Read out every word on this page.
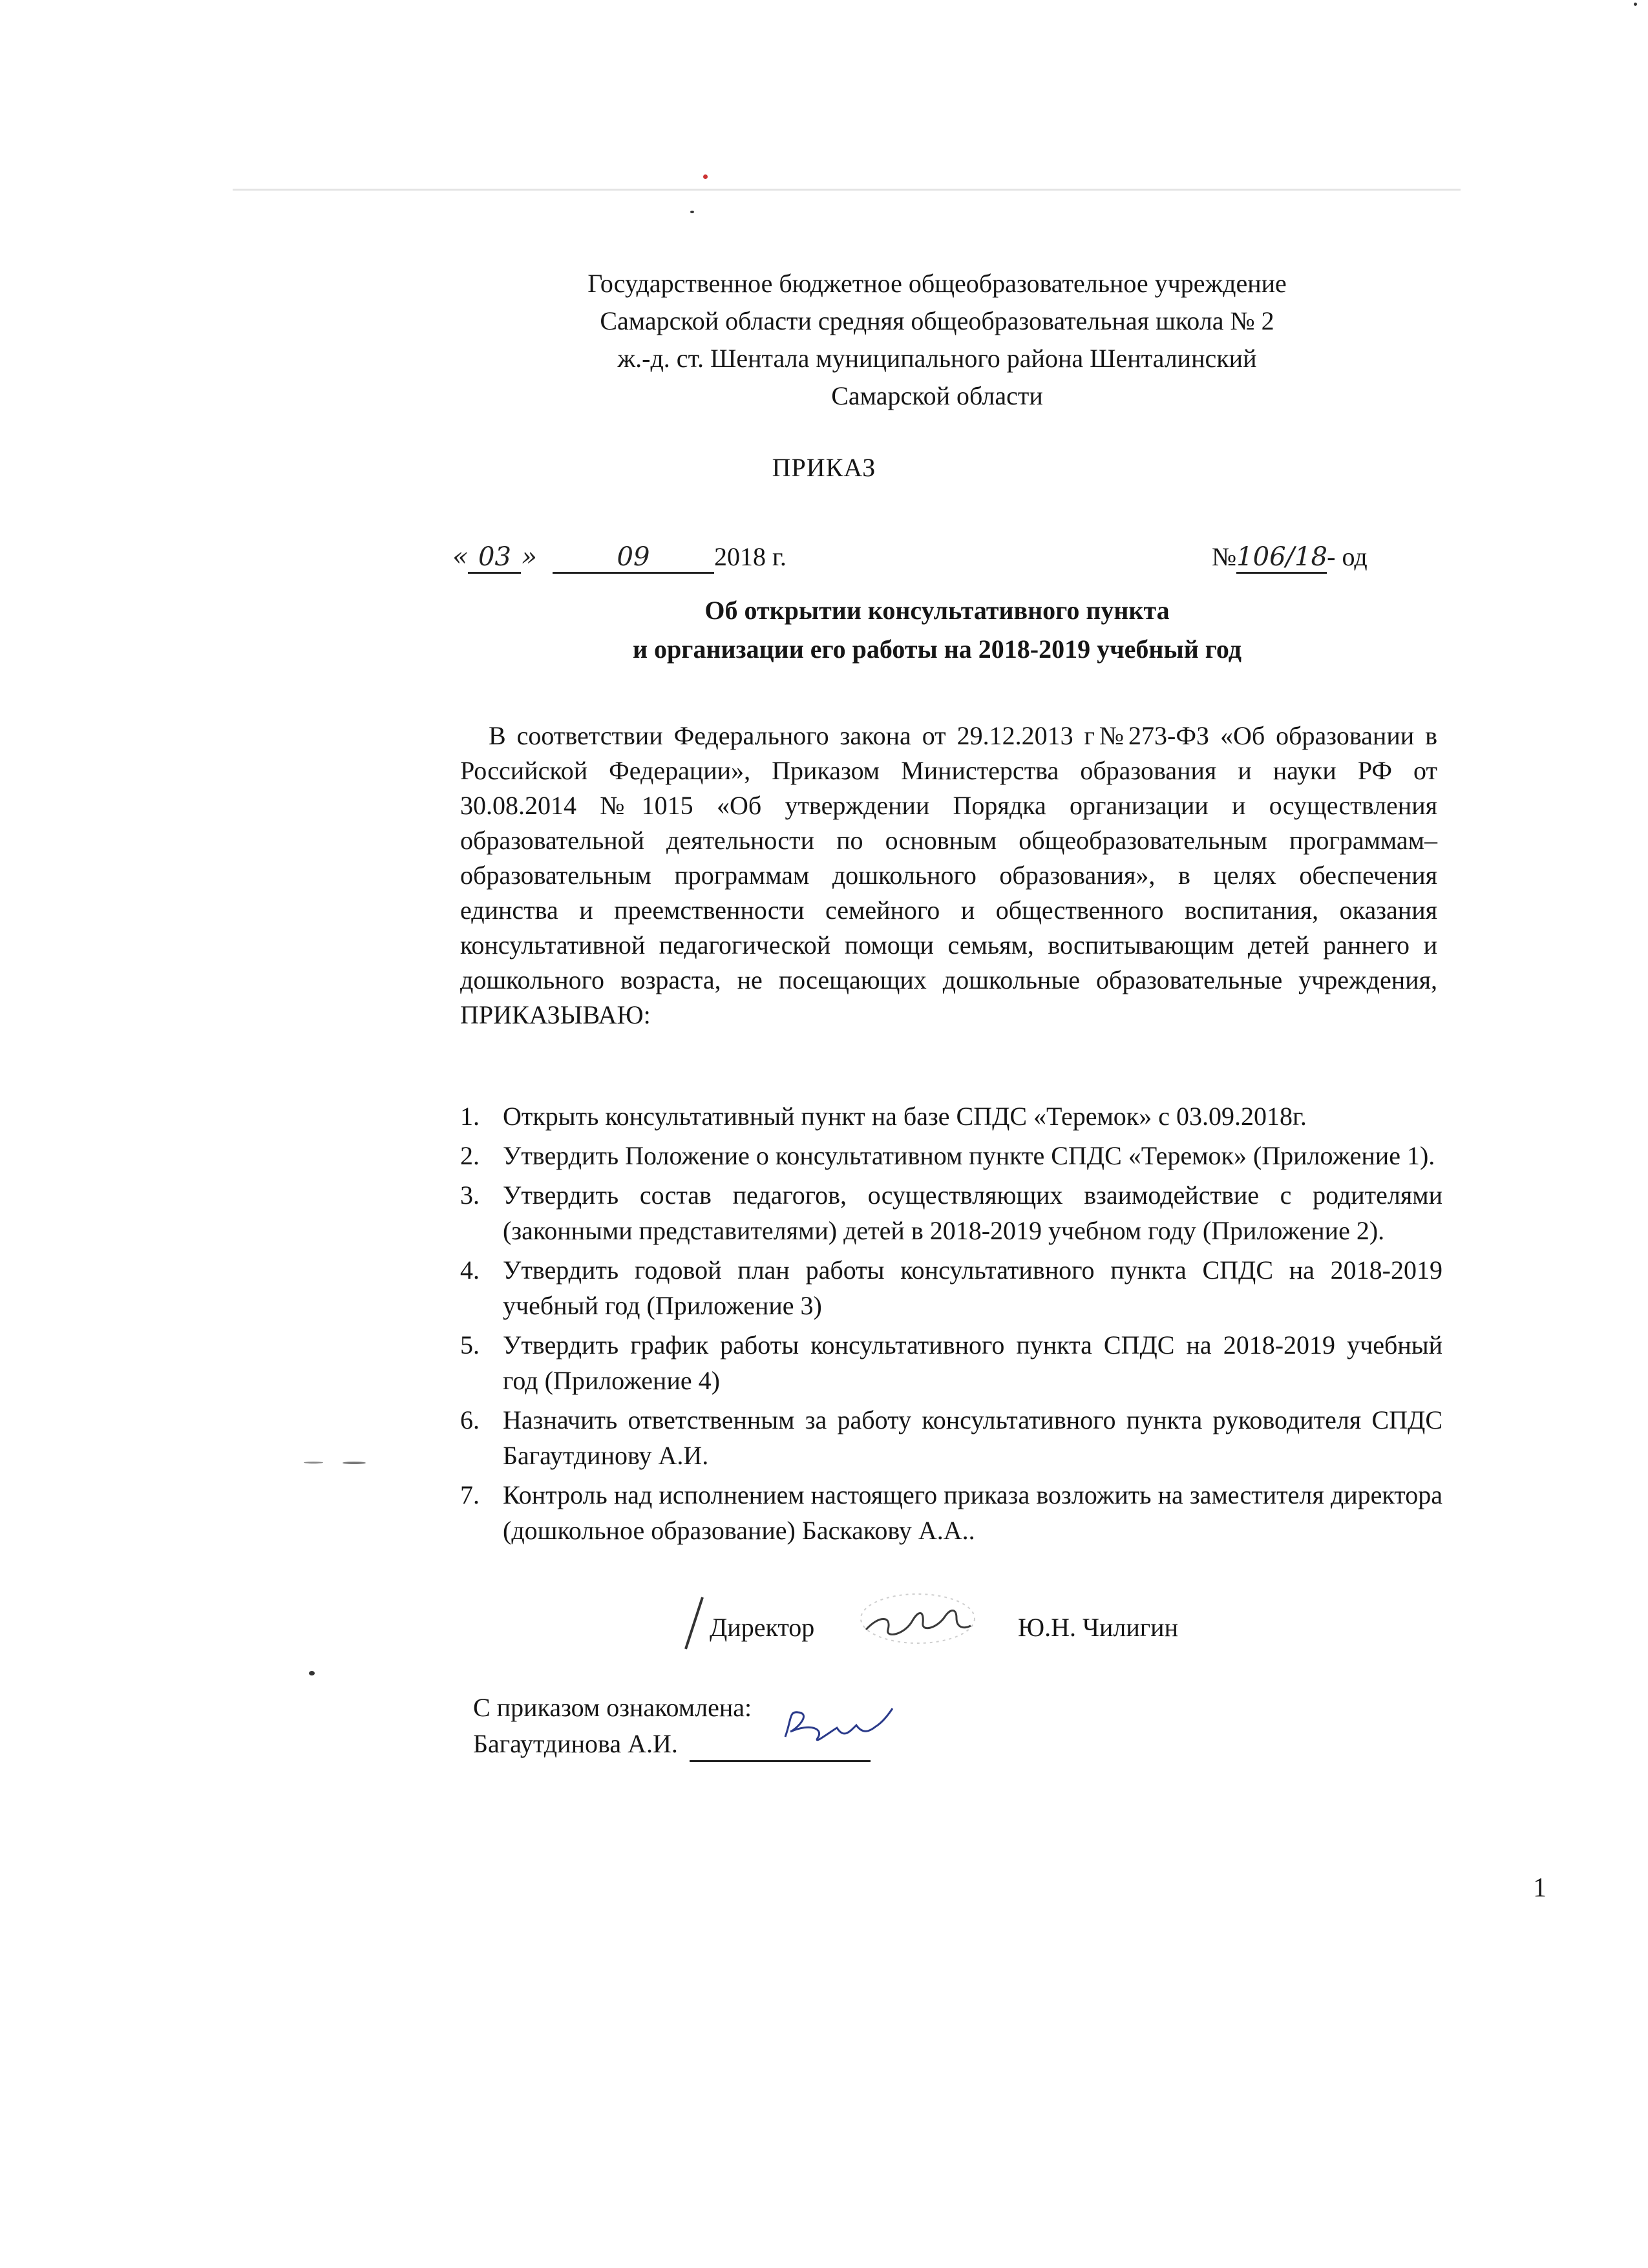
Государственное бюджетное общеобразовательное учреждение
Самарской области средняя общеобразовательная школа № 2
ж.-д. ст. Шентала муниципального района Шенталинский
Самарской области
ПРИКАЗ
« 03 »	09 2018 г.	№106/18- од
Об открытии консультативного пункта
и организации его работы на 2018-2019 учебный год
В соответствии Федерального закона от 29.12.2013 г№273-ФЗ «Об образовании в Российской Федерации», Приказом Министерства образования и науки РФ от 30.08.2014 №1015 «Об утверждении Порядка организации и осуществления образовательной деятельности по основным общеобразовательным программам–образовательным программам дошкольного образования», в целях обеспечения единства и преемственности семейного и общественного воспитания, оказания консультативной педагогической помощи семьям, воспитывающим детей раннего и дошкольного возраста, не посещающих дошкольные образовательные учреждения, ПРИКАЗЫВАЮ:
1. Открыть консультативный пункт на базе СПДС «Теремок» с 03.09.2018г.
2. Утвердить Положение о консультативном пункте СПДС «Теремок» (Приложение 1).
3. Утвердить состав педагогов, осуществляющих взаимодействие с родителями (законными представителями) детей в 2018-2019 учебном году (Приложение 2).
4. Утвердить годовой план работы консультативного пункта СПДС на 2018-2019 учебный год (Приложение 3)
5. Утвердить график работы консультативного пункта СПДС на 2018-2019 учебный год (Приложение 4)
6. Назначить ответственным за работу консультативного пункта руководителя СПДС Багаутдинову А.И.
7. Контроль над исполнением настоящего приказа возложить на заместителя директора (дошкольное образование) Баскакову А.А..
Директор	Ю.Н. Чилигин
С приказом ознакомлена:
Багаутдинова А.И.
1
